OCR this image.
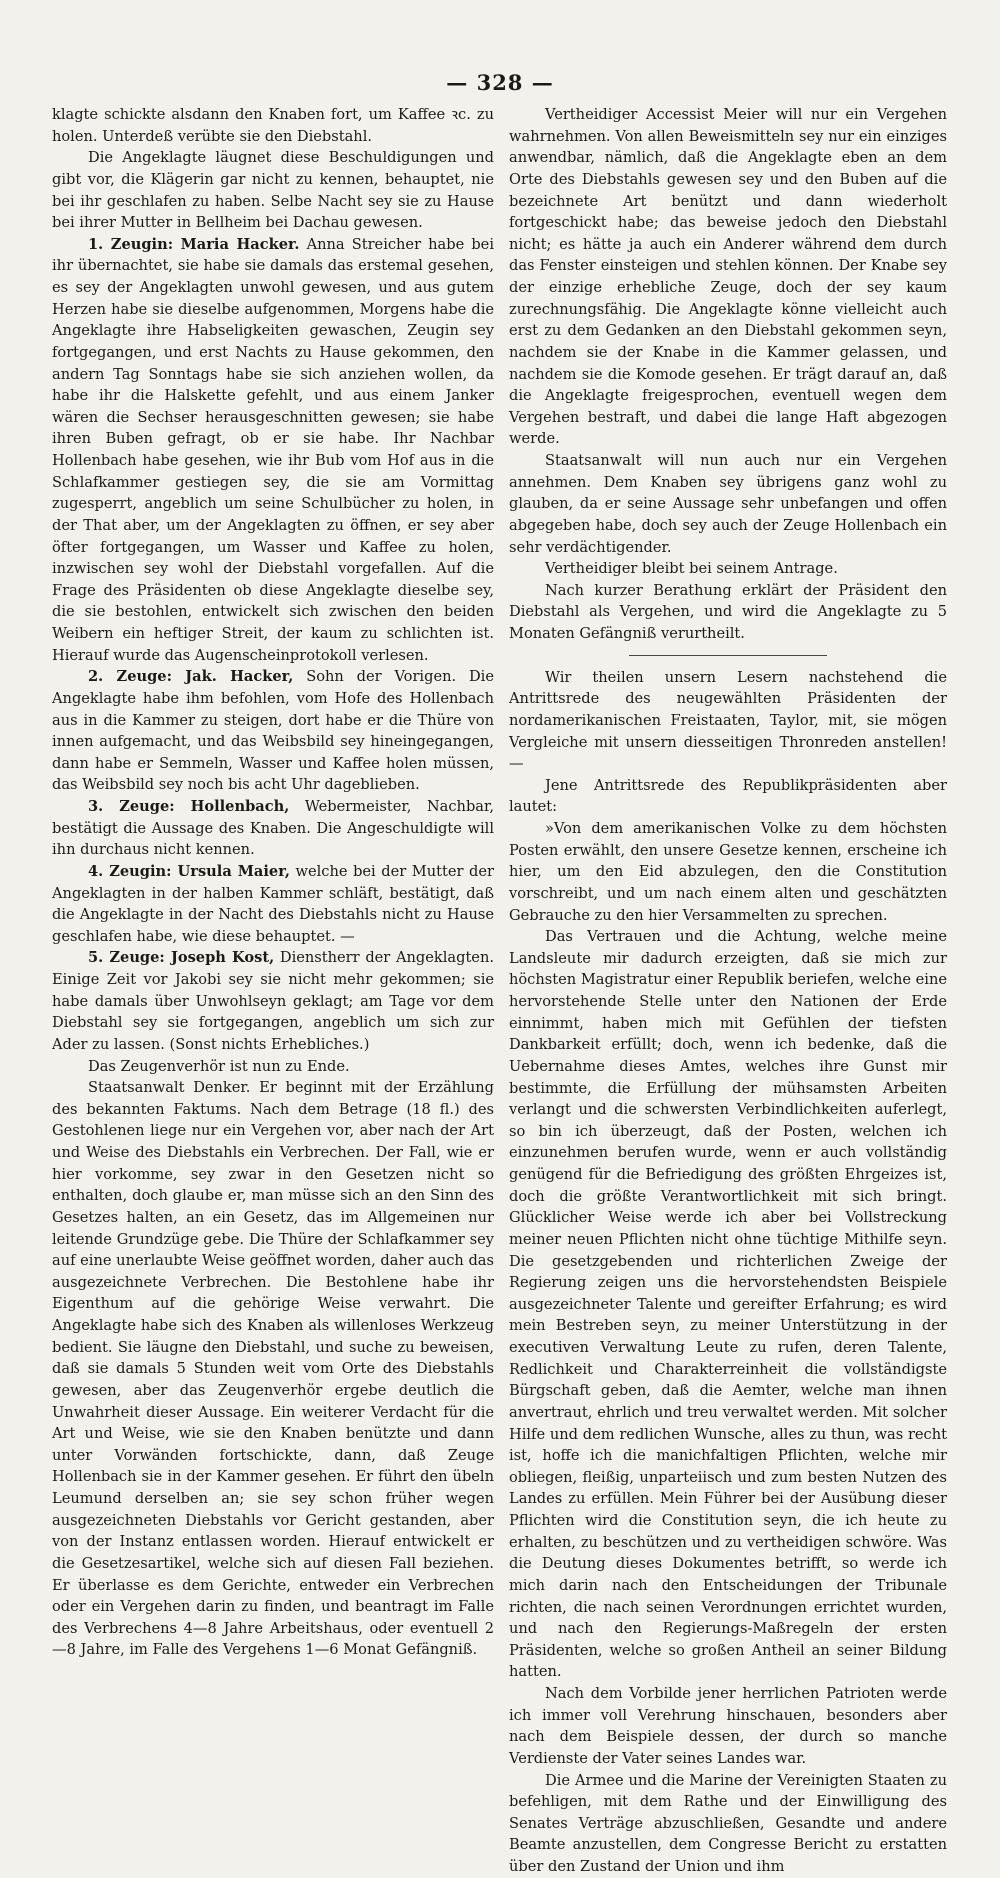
— 328 —

klagte schickte alsdann den Knaben fort, um Kaffee ꝛc. zu holen. Unterdeß verübte sie den Diebstahl.

Die Angeklagte läugnet diese Beschuldigungen und gibt vor, die Klägerin gar nicht zu kennen, behauptet, nie bei ihr geschlafen zu haben. Selbe Nacht sey sie zu Hause bei ihrer Mutter in Bellheim bei Dachau gewesen.

1. Zeugin: Maria Hacker. Anna Streicher habe bei ihr übernachtet, sie habe sie damals das erstemal gesehen, es sey der Angeklagten unwohl gewesen, und aus gutem Herzen habe sie dieselbe aufgenommen, Morgens habe die Angeklagte ihre Habseligkeiten gewaschen, Zeugin sey fortgegangen, und erst Nachts zu Hause gekommen, den andern Tag Sonntags habe sie sich anziehen wollen, da habe ihr die Halskette gefehlt, und aus einem Janker wären die Sechser herausgeschnitten gewesen; sie habe ihren Buben gefragt, ob er sie habe. Ihr Nachbar Hollenbach habe gesehen, wie ihr Bub vom Hof aus in die Schlafkammer gestiegen sey, die sie am Vormittag zugesperrt, angeblich um seine Schulbücher zu holen, in der That aber, um der Angeklagten zu öffnen, er sey aber öfter fortgegangen, um Wasser und Kaffee zu holen, inzwischen sey wohl der Diebstahl vorgefallen. Auf die Frage des Präsidenten ob diese Angeklagte dieselbe sey, die sie bestohlen, entwickelt sich zwischen den beiden Weibern ein heftiger Streit, der kaum zu schlichten ist. Hierauf wurde das Augenscheinprotokoll verlesen.

2. Zeuge: Jak. Hacker, Sohn der Vorigen. Die Angeklagte habe ihm befohlen, vom Hofe des Hollenbach aus in die Kammer zu steigen, dort habe er die Thüre von innen aufgemacht, und das Weibsbild sey hineingegangen, dann habe er Semmeln, Wasser und Kaffee holen müssen, das Weibsbild sey noch bis acht Uhr dageblieben.

3. Zeuge: Hollenbach, Webermeister, Nachbar, bestätigt die Aussage des Knaben. Die Angeschuldigte will ihn durchaus nicht kennen.

4. Zeugin: Ursula Maier, welche bei der Mutter der Angeklagten in der halben Kammer schläft, bestätigt, daß die Angeklagte in der Nacht des Diebstahls nicht zu Hause geschlafen habe, wie diese behauptet. —

5. Zeuge: Joseph Kost, Dienstherr der Angeklagten. Einige Zeit vor Jakobi sey sie nicht mehr gekommen; sie habe damals über Unwohlseyn geklagt; am Tage vor dem Diebstahl sey sie fortgegangen, angeblich um sich zur Ader zu lassen. (Sonst nichts Erhebliches.)

Das Zeugenverhör ist nun zu Ende.

Staatsanwalt Denker. Er beginnt mit der Erzählung des bekannten Faktums. Nach dem Betrage (18 fl.) des Gestohlenen liege nur ein Vergehen vor, aber nach der Art und Weise des Diebstahls ein Verbrechen. Der Fall, wie er hier vorkomme, sey zwar in den Gesetzen nicht so enthalten, doch glaube er, man müsse sich an den Sinn des Gesetzes halten, an ein Gesetz, das im Allgemeinen nur leitende Grundzüge gebe. Die Thüre der Schlafkammer sey auf eine unerlaubte Weise geöffnet worden, daher auch das ausgezeichnete Verbrechen. Die Bestohlene habe ihr Eigenthum auf die gehörige Weise verwahrt. Die Angeklagte habe sich des Knaben als willenloses Werkzeug bedient. Sie läugne den Diebstahl, und suche zu beweisen, daß sie damals 5 Stunden weit vom Orte des Diebstahls gewesen, aber das Zeugenverhör ergebe deutlich die Unwahrheit dieser Aussage. Ein weiterer Verdacht für die Art und Weise, wie sie den Knaben benützte und dann unter Vorwänden fortschickte, dann, daß Zeuge Hollenbach sie in der Kammer gesehen. Er führt den übeln Leumund derselben an; sie sey schon früher wegen ausgezeichneten Diebstahls vor Gericht gestanden, aber von der Instanz entlassen worden. Hierauf entwickelt er die Gesetzesartikel, welche sich auf diesen Fall beziehen. Er überlasse es dem Gerichte, entweder ein Verbrechen oder ein Vergehen darin zu finden, und beantragt im Falle des Verbrechens 4—8 Jahre Arbeitshaus, oder eventuell 2—8 Jahre, im Falle des Vergehens 1—6 Monat Gefängniß.

Vertheidiger Accessist Meier will nur ein Vergehen wahrnehmen. Von allen Beweismitteln sey nur ein einziges anwendbar, nämlich, daß die Angeklagte eben an dem Orte des Diebstahls gewesen sey und den Buben auf die bezeichnete Art benützt und dann wiederholt fortgeschickt habe; das beweise jedoch den Diebstahl nicht; es hätte ja auch ein Anderer während dem durch das Fenster einsteigen und stehlen können. Der Knabe sey der einzige erhebliche Zeuge, doch der sey kaum zurechnungsfähig. Die Angeklagte könne vielleicht auch erst zu dem Gedanken an den Diebstahl gekommen seyn, nachdem sie der Knabe in die Kammer gelassen, und nachdem sie die Komode gesehen. Er trägt darauf an, daß die Angeklagte freigesprochen, eventuell wegen dem Vergehen bestraft, und dabei die lange Haft abgezogen werde.

Staatsanwalt will nun auch nur ein Vergehen annehmen. Dem Knaben sey übrigens ganz wohl zu glauben, da er seine Aussage sehr unbefangen und offen abgegeben habe, doch sey auch der Zeuge Hollenbach ein sehr verdächtigender.

Vertheidiger bleibt bei seinem Antrage.

Nach kurzer Berathung erklärt der Präsident den Diebstahl als Vergehen, und wird die Angeklagte zu 5 Monaten Gefängniß verurtheilt.

Wir theilen unsern Lesern nachstehend die Antrittsrede des neugewählten Präsidenten der nordamerikanischen Freistaaten, Taylor, mit, sie mögen Vergleiche mit unsern diesseitigen Thronreden anstellen! —

Jene Antrittsrede des Republikpräsidenten aber lautet:

»Von dem amerikanischen Volke zu dem höchsten Posten erwählt, den unsere Gesetze kennen, erscheine ich hier, um den Eid abzulegen, den die Constitution vorschreibt, und um nach einem alten und geschätzten Gebrauche zu den hier Versammelten zu sprechen.

Das Vertrauen und die Achtung, welche meine Landsleute mir dadurch erzeigten, daß sie mich zur höchsten Magistratur einer Republik beriefen, welche eine hervorstehende Stelle unter den Nationen der Erde einnimmt, haben mich mit Gefühlen der tiefsten Dankbarkeit erfüllt; doch, wenn ich bedenke, daß die Uebernahme dieses Amtes, welches ihre Gunst mir bestimmte, die Erfüllung der mühsamsten Arbeiten verlangt und die schwersten Verbindlichkeiten auferlegt, so bin ich überzeugt, daß der Posten, welchen ich einzunehmen berufen wurde, wenn er auch vollständig genügend für die Befriedigung des größten Ehrgeizes ist, doch die größte Verantwortlichkeit mit sich bringt. Glücklicher Weise werde ich aber bei Vollstreckung meiner neuen Pflichten nicht ohne tüchtige Mithilfe seyn. Die gesetzgebenden und richterlichen Zweige der Regierung zeigen uns die hervorstehendsten Beispiele ausgezeichneter Talente und gereifter Erfahrung; es wird mein Bestreben seyn, zu meiner Unterstützung in der executiven Verwaltung Leute zu rufen, deren Talente, Redlichkeit und Charakterreinheit die vollständigste Bürgschaft geben, daß die Aemter, welche man ihnen anvertraut, ehrlich und treu verwaltet werden. Mit solcher Hilfe und dem redlichen Wunsche, alles zu thun, was recht ist, hoffe ich die manichfaltigen Pflichten, welche mir obliegen, fleißig, unparteiisch und zum besten Nutzen des Landes zu erfüllen. Mein Führer bei der Ausübung dieser Pflichten wird die Constitution seyn, die ich heute zu erhalten, zu beschützen und zu vertheidigen schwöre. Was die Deutung dieses Dokumentes betrifft, so werde ich mich darin nach den Entscheidungen der Tribunale richten, die nach seinen Verordnungen errichtet wurden, und nach den Regierungs-Maßregeln der ersten Präsidenten, welche so großen Antheil an seiner Bildung hatten.

Nach dem Vorbilde jener herrlichen Patrioten werde ich immer voll Verehrung hinschauen, besonders aber nach dem Beispiele dessen, der durch so manche Verdienste der Vater seines Landes war.

Die Armee und die Marine der Vereinigten Staaten zu befehligen, mit dem Rathe und der Einwilligung des Senates Verträge abzuschließen, Gesandte und andere Beamte anzustellen, dem Congresse Bericht zu erstatten über den Zustand der Union und ihm
